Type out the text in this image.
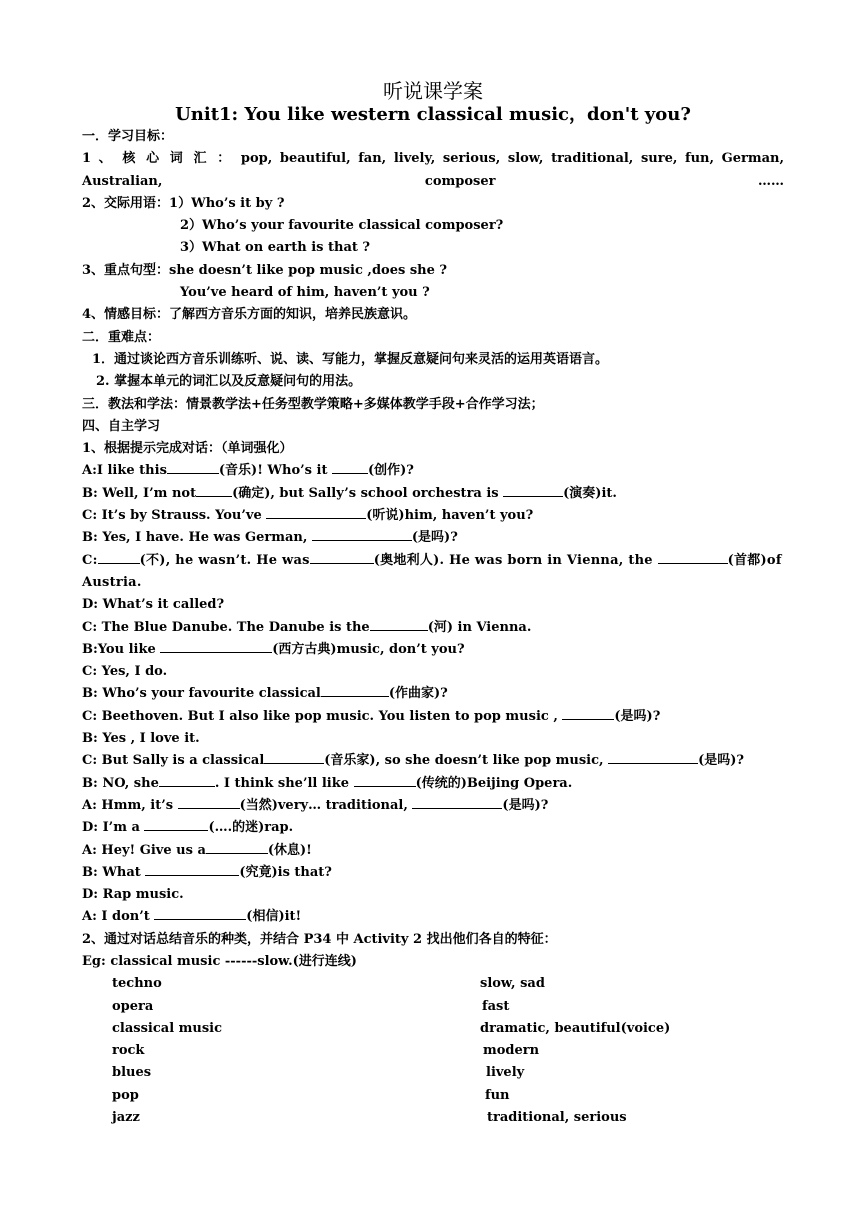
听说课学案

Unit1: You like western classical music，don't you?

一．学习目标：

1 、 核 心 词 汇 ： pop, beautiful, fan, lively, serious, slow, traditional, sure, fun, German, Australian, composer ……

2、交际用语：1）Who’s it by ?

2）Who’s your favourite classical composer?

3）What on earth is that ?

3、重点句型：she doesn’t like pop music ,does she ?

You’ve heard of him, haven’t you ?

4、情感目标：了解西方音乐方面的知识，培养民族意识。

二．重难点：

1．通过谈论西方音乐训练听、说、读、写能力，掌握反意疑问句来灵活的运用英语语言。

2. 掌握本单元的词汇以及反意疑问句的用法。

三．教法和学法：情景教学法+任务型教学策略+多媒体教学手段+合作学习法；

四、自主学习

1、根据提示完成对话：（单词强化）

A:I like this	(音乐)! Who’s it	(创作)?

B: Well, I’m not	(确定), but Sally’s school orchestra is	(演奏)it.

C: It’s by Strauss. You’ve	(听说)him, haven’t you?

B: Yes, I have. He was German,	(是吗)?

C:	(不), he wasn’t. He was	(奥地利人). He was born in Vienna, the	(首都)of Austria.

D: What’s it called?

C: The Blue Danube. The Danube is the	(河) in Vienna.

B:You like	(西方古典)music, don’t you?

C: Yes, I do.

B: Who’s your favourite classical	(作曲家)?

C: Beethoven. But I also like pop music. You listen to pop music ,	(是吗)?

B: Yes , I love it.

C: But Sally is a classical	(音乐家), so she doesn’t like pop music,	(是吗)?

B: NO, she	. I think she’ll like	(传统的)Beijing Opera.

A: Hmm, it’s	(当然)very… traditional,	(是吗)?

D: I’m a	(….的迷)rap.

A: Hey! Give us a	(休息)!

B: What	(究竟)is that?

D: Rap music.

A: I don’t	(相信)it!

2、通过对话总结音乐的种类，并结合 P34 中 Activity 2 找出他们各自的特征：

Eg: classical music ------slow.(进行连线)

techno	slow, sad
opera	fast
classical music	dramatic, beautiful(voice)
rock	modern
blues	lively
pop	fun
jazz	traditional, serious
